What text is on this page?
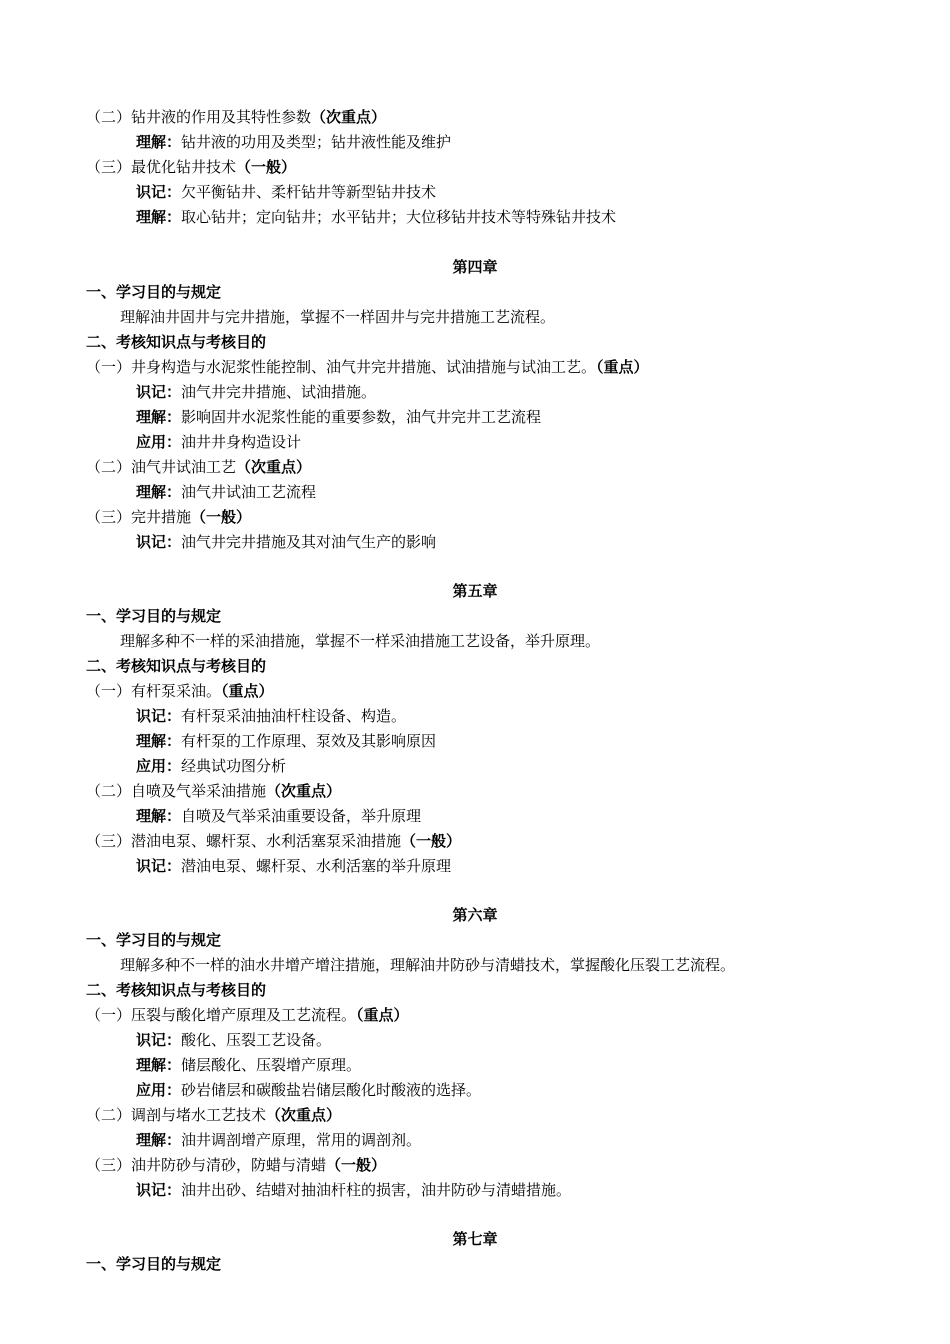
（二）钻井液的作用及其特性参数（次重点）
理解：钻井液的功用及类型；钻井液性能及维护
（三）最优化钻井技术（一般）
识记：欠平衡钻井、柔杆钻井等新型钻井技术
理解：取心钻井；定向钻井；水平钻井；大位移钻井技术等特殊钻井技术
第四章
一、学习目的与规定
理解油井固井与完井措施，掌握不一样固井与完井措施工艺流程。
二、考核知识点与考核目的
（一）井身构造与水泥浆性能控制、油气井完井措施、试油措施与试油工艺。（重点）
识记：油气井完井措施、试油措施。
理解：影响固井水泥浆性能的重要参数，油气井完井工艺流程
应用：油井井身构造设计
（二）油气井试油工艺（次重点）
理解：油气井试油工艺流程
（三）完井措施（一般）
识记：油气井完井措施及其对油气生产的影响
第五章
一、学习目的与规定
理解多种不一样的采油措施，掌握不一样采油措施工艺设备，举升原理。
二、考核知识点与考核目的
（一）有杆泵采油。（重点）
识记：有杆泵采油抽油杆柱设备、构造。
理解：有杆泵的工作原理、泵效及其影响原因
应用：经典试功图分析
（二）自喷及气举采油措施（次重点）
理解：自喷及气举采油重要设备，举升原理
（三）潜油电泵、螺杆泵、水利活塞泵采油措施（一般）
识记：潜油电泵、螺杆泵、水利活塞的举升原理
第六章
一、学习目的与规定
理解多种不一样的油水井增产增注措施，理解油井防砂与清蜡技术，掌握酸化压裂工艺流程。
二、考核知识点与考核目的
（一）压裂与酸化增产原理及工艺流程。（重点）
识记：酸化、压裂工艺设备。
理解：储层酸化、压裂增产原理。
应用：砂岩储层和碳酸盐岩储层酸化时酸液的选择。
（二）调剖与堵水工艺技术（次重点）
理解：油井调剖增产原理，常用的调剖剂。
（三）油井防砂与清砂，防蜡与清蜡（一般）
识记：油井出砂、结蜡对抽油杆柱的损害，油井防砂与清蜡措施。
第七章
一、学习目的与规定
